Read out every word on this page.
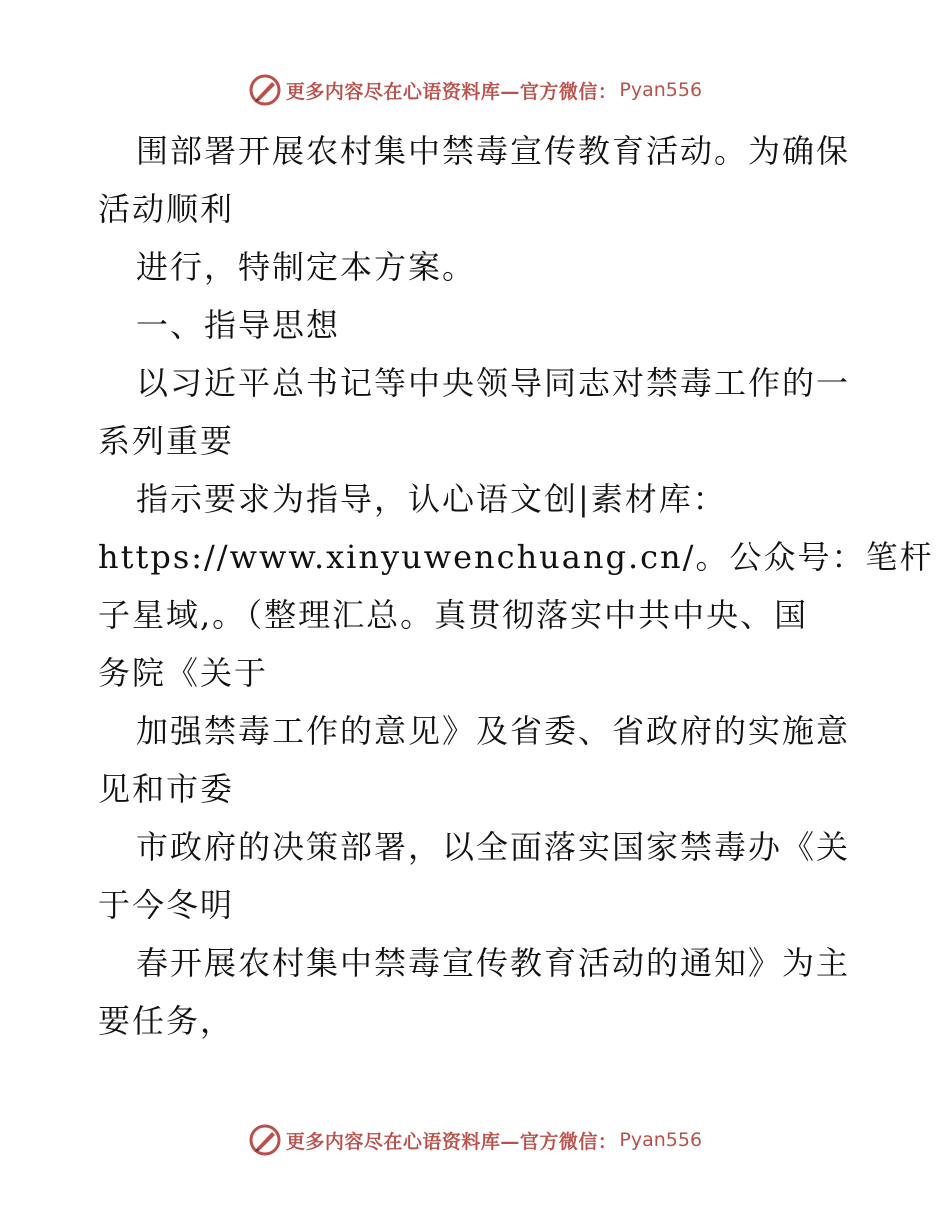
更多内容尽在心语资料库—官方微信： Pyan556
围部署开展农村集中禁毒宣传教育活动。为确保
活动顺利
进行，特制定本方案。
一、指导思想
以习近平总书记等中央领导同志对禁毒工作的一
系列重要
指示要求为指导，认心语文创|素材库：
https://www.xinyuwenchuang.cn/。公众号：笔杆
子星域,。（整理汇总。真贯彻落实中共中央、国
务院《关于
加强禁毒工作的意见》及省委、省政府的实施意
见和市委
市政府的决策部署，以全面落实国家禁毒办《关
于今冬明
春开展农村集中禁毒宣传教育活动的通知》为主
要任务，
更多内容尽在心语资料库—官方微信： Pyan556
